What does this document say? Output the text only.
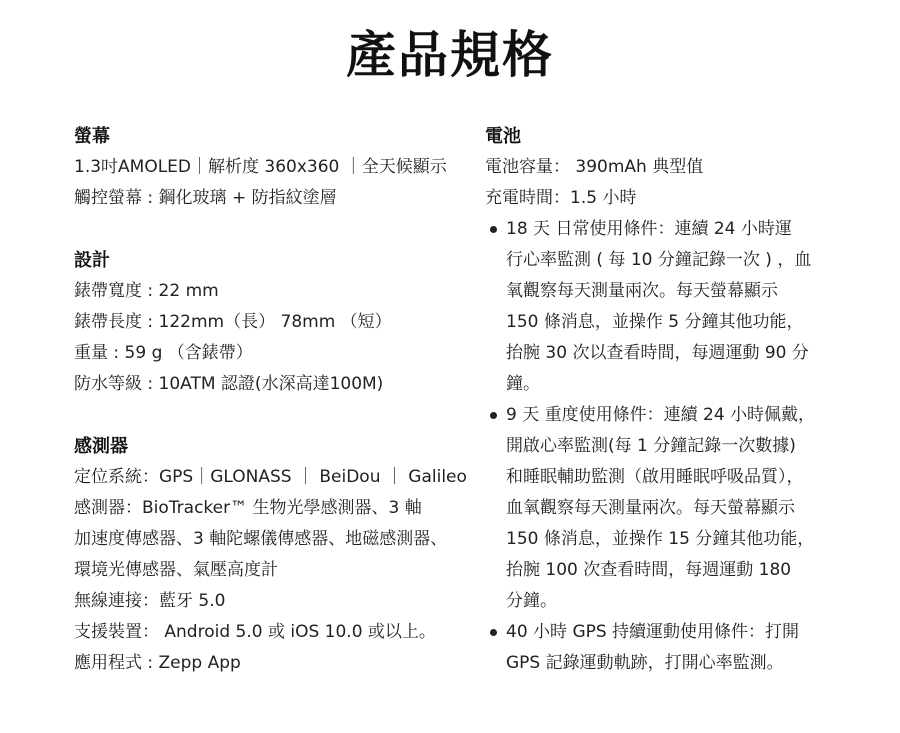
產品規格
螢幕
1.3吋AMOLED｜解析度 360x360 ｜全天候顯示
觸控螢幕 : 鋼化玻璃 + 防指紋塗層
設計
錶帶寬度 : 22 mm
錶帶長度 : 122mm（長） 78mm （短）
重量 : 59 g （含錶帶）
防水等級 : 10ATM 認證(水深高達100M)
感測器
定位系統：GPS｜GLONASS ｜ BeiDou ｜ Galileo
感測器：BioTracker™ 生物光學感測器、3 軸
加速度傳感器、3 軸陀螺儀傳感器、地磁感測器、
環境光傳感器、氣壓高度計
無線連接：藍牙 5.0
支援裝置： Android 5.0 或 iOS 10.0 或以上。
應用程式 : Zepp App
電池
電池容量： 390mAh 典型值
充電時間：1.5 小時
18 天 日常使用條件：連續 24 小時運
行心率監測 ( 每 10 分鐘記錄一次 ) ，血
氧觀察每天測量兩次。每天螢幕顯示
150 條消息，並操作 5 分鐘其他功能，
抬腕 30 次以查看時間，每週運動 90 分
鐘。
9 天 重度使用條件：連續 24 小時佩戴，
開啟心率監測(每 1 分鐘記錄一次數據)
和睡眠輔助監測（啟用睡眠呼吸品質），
血氧觀察每天測量兩次。每天螢幕顯示
150 條消息，並操作 15 分鐘其他功能，
抬腕 100 次查看時間，每週運動 180
分鐘。
40 小時 GPS 持續運動使用條件：打開
GPS 記錄運動軌跡，打開心率監測。
